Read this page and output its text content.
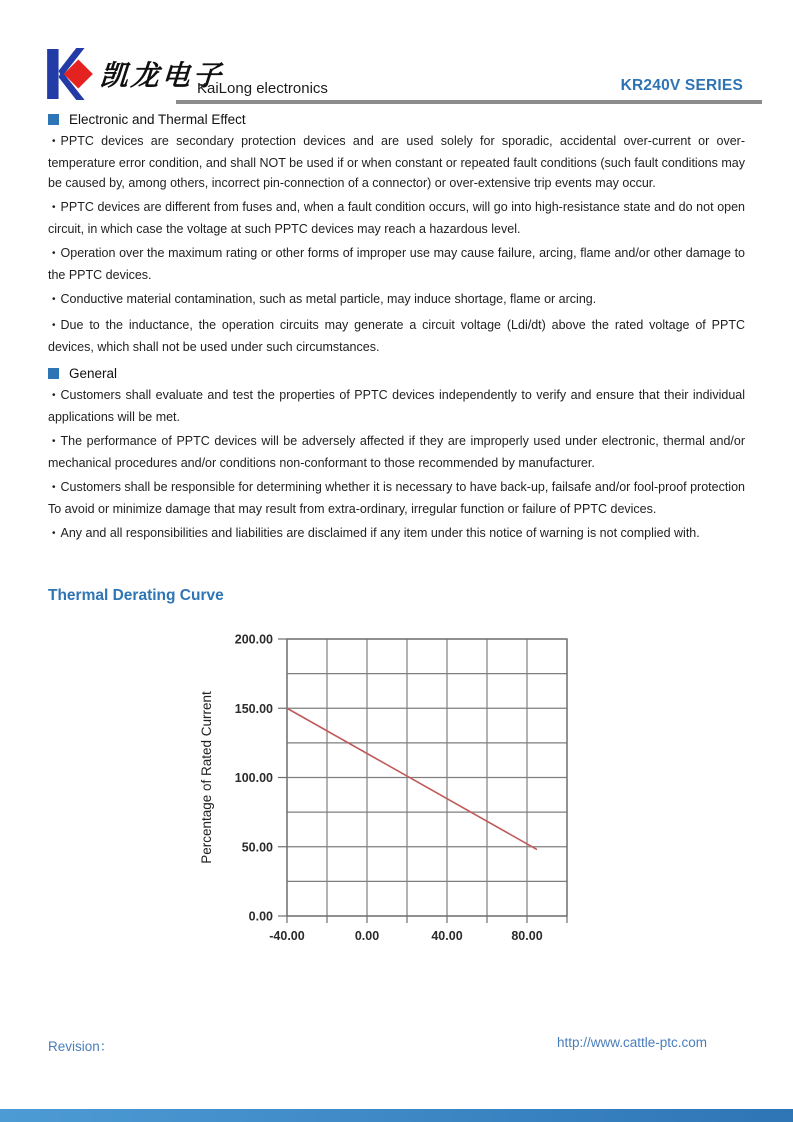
凯龙电子
KaiLong electronics	KR240V SERIES
Electronic and Thermal Effect

• PPTC devices are secondary protection devices and are used solely for sporadic, accidental over-current or over-temperature error condition, and shall NOT be used if or when constant or repeated fault conditions (such fault conditions may be caused by, among others, incorrect pin-connection of a connector) or over-extensive trip events may occur.

• PPTC devices are different from fuses and, when a fault condition occurs, will go into high-resistance state and do not open circuit, in which case the voltage at such PPTC devices may reach a hazardous level.

• Operation over the maximum rating or other forms of improper use may cause failure, arcing, flame and/or other damage to the PPTC devices.

• Conductive material contamination, such as metal particle, may induce shortage, flame or arcing.

• Due to the inductance, the operation circuits may generate a circuit voltage (Ldi/dt) above the rated voltage of PPTC devices, which shall not be used under such circumstances.

General

• Customers shall evaluate and test the properties of PPTC devices independently to verify and ensure that their individual applications will be met.

• The performance of PPTC devices will be adversely affected if they are improperly used under electronic, thermal and/or mechanical procedures and/or conditions non-conformant to those recommended by manufacturer.

• Customers shall be responsible for determining whether it is necessary to have back-up, failsafe and/or fool-proof protection To avoid or minimize damage that may result from extra-ordinary, irregular function or failure of PPTC devices.

• Any and all responsibilities and liabilities are disclaimed if any item under this notice of warning is not complied with.

Thermal Derating Curve
0.00
50.00
100.00
150.00
200.00
-40.00	0.00	40.00	80.00
Percentage of Rated Current
Revision：	http://www.cattle-ptc.com
